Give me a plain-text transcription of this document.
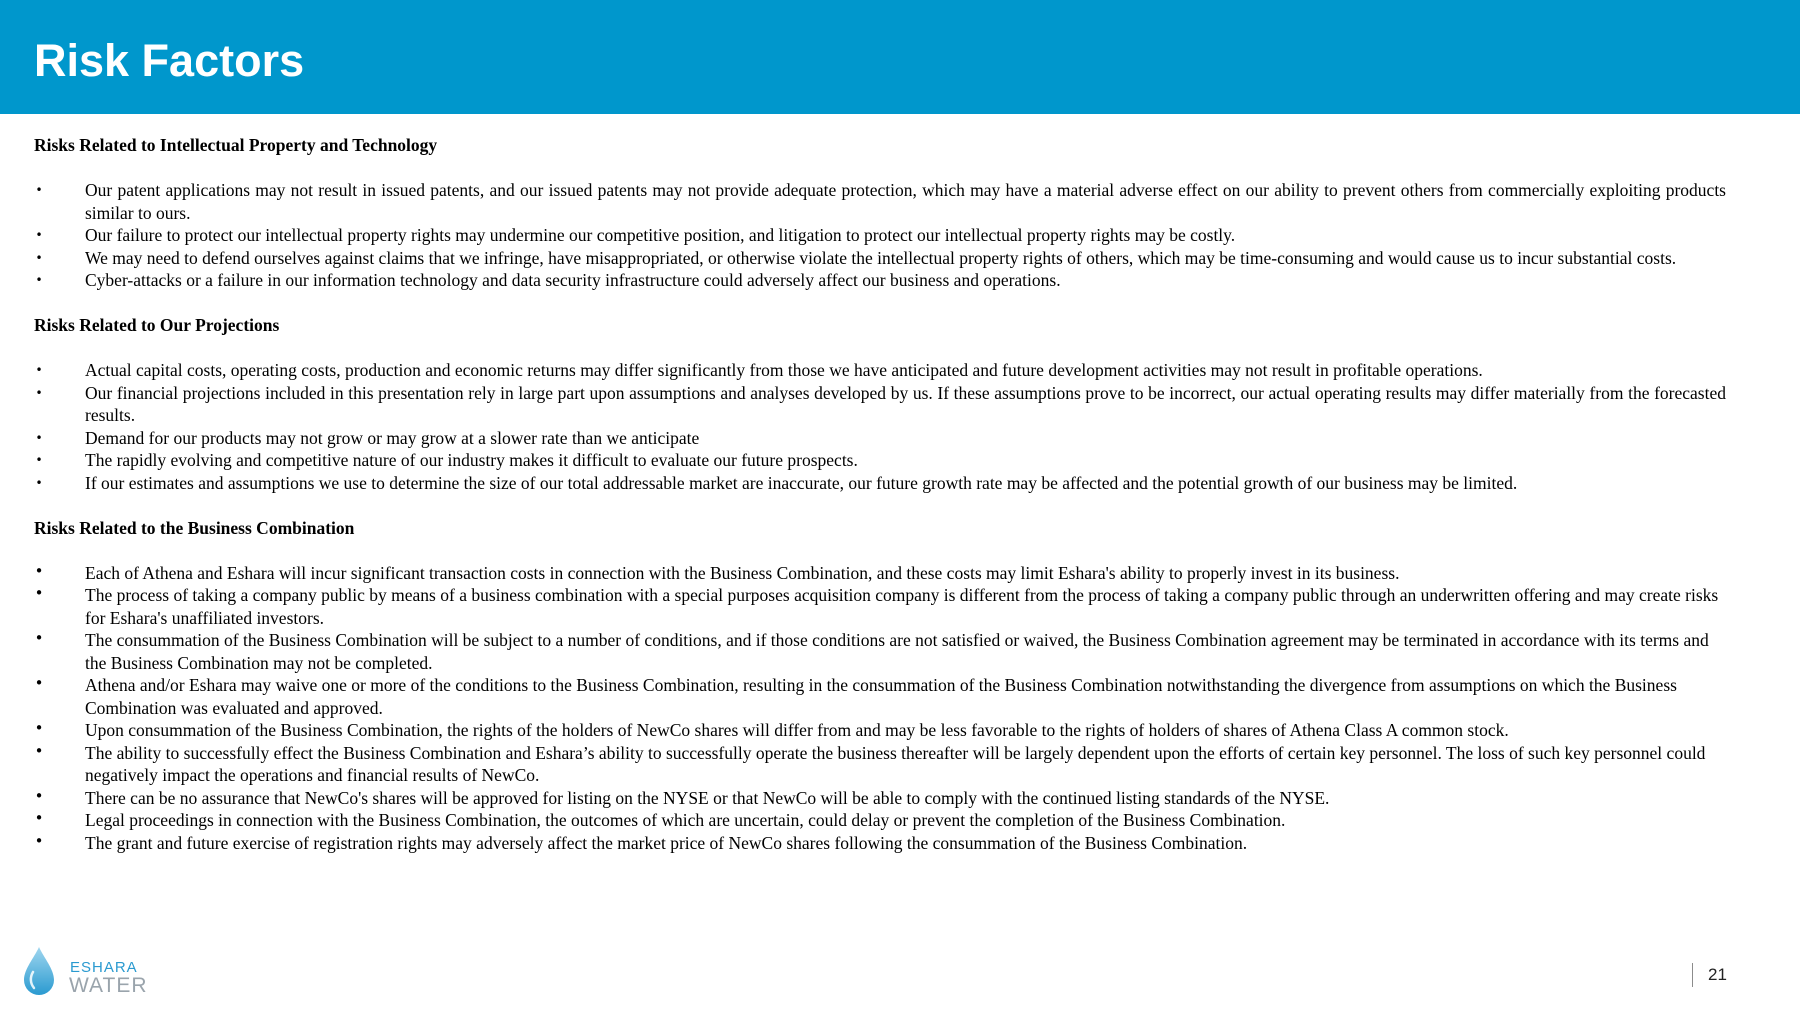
Risk Factors
Risks Related to Intellectual Property and Technology
• Our patent applications may not result in issued patents, and our issued patents may not provide adequate protection, which may have a material adverse effect on our ability to prevent others from commercially exploiting products similar to ours.
• Our failure to protect our intellectual property rights may undermine our competitive position, and litigation to protect our intellectual property rights may be costly.
• We may need to defend ourselves against claims that we infringe, have misappropriated, or otherwise violate the intellectual property rights of others, which may be time-consuming and would cause us to incur substantial costs.
• Cyber-attacks or a failure in our information technology and data security infrastructure could adversely affect our business and operations.
Risks Related to Our Projections
• Actual capital costs, operating costs, production and economic returns may differ significantly from those we have anticipated and future development activities may not result in profitable operations.
• Our financial projections included in this presentation rely in large part upon assumptions and analyses developed by us. If these assumptions prove to be incorrect, our actual operating results may differ materially from the forecasted results.
• Demand for our products may not grow or may grow at a slower rate than we anticipate
• The rapidly evolving and competitive nature of our industry makes it difficult to evaluate our future prospects.
• If our estimates and assumptions we use to determine the size of our total addressable market are inaccurate, our future growth rate may be affected and the potential growth of our business may be limited.
Risks Related to the Business Combination
• Each of Athena and Eshara will incur significant transaction costs in connection with the Business Combination, and these costs may limit Eshara's ability to properly invest in its business.
• The process of taking a company public by means of a business combination with a special purposes acquisition company is different from the process of taking a company public through an underwritten offering and may create risks for Eshara's unaffiliated investors.
• The consummation of the Business Combination will be subject to a number of conditions, and if those conditions are not satisfied or waived, the Business Combination agreement may be terminated in accordance with its terms and the Business Combination may not be completed.
• Athena and/or Eshara may waive one or more of the conditions to the Business Combination, resulting in the consummation of the Business Combination notwithstanding the divergence from assumptions on which the Business Combination was evaluated and approved.
• Upon consummation of the Business Combination, the rights of the holders of NewCo shares will differ from and may be less favorable to the rights of holders of shares of Athena Class A common stock.
• The ability to successfully effect the Business Combination and Eshara’s ability to successfully operate the business thereafter will be largely dependent upon the efforts of certain key personnel. The loss of such key personnel could negatively impact the operations and financial results of NewCo.
• There can be no assurance that NewCo's shares will be approved for listing on the NYSE or that NewCo will be able to comply with the continued listing standards of the NYSE.
• Legal proceedings in connection with the Business Combination, the outcomes of which are uncertain, could delay or prevent the completion of the Business Combination.
• The grant and future exercise of registration rights may adversely affect the market price of NewCo shares following the consummation of the Business Combination.
ESHARA
WATER	21
